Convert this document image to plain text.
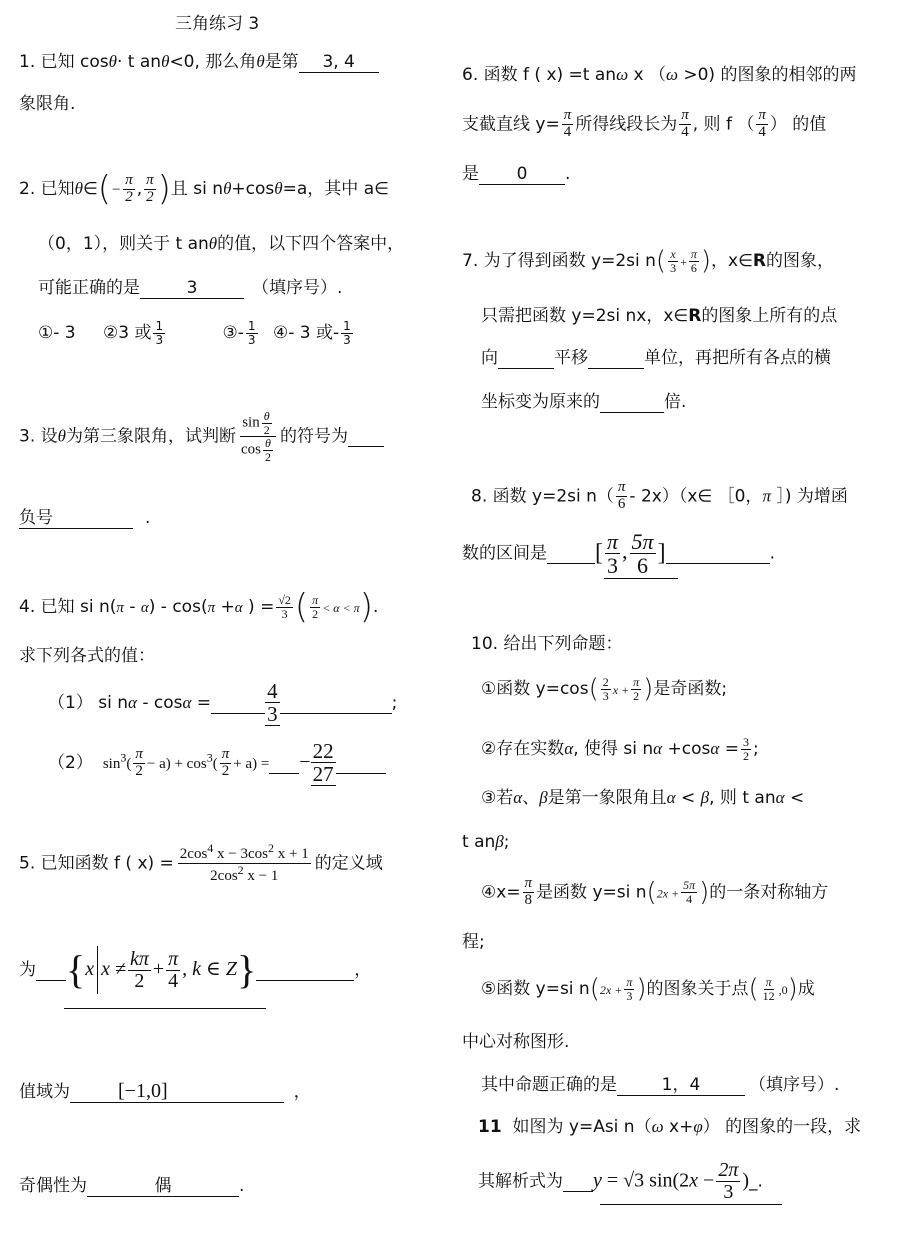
三角练习 3
1. 已知 cosθ· t anθ<0, 那么角θ是第 3, 4
象限角.
2. 已知θ∈(− $\frac{\pi}{2}$ , $\frac{\pi}{2}$ )且 si nθ+cosθ=a，其中 a∈
（0，1），则关于 t anθ的值，以下四个答案中，
可能正确的是	3	（填序号）.
①- 3 ②3 或 $\frac{1}{3}$	③- $\frac{1}{3}$ ④- 3 或- $\frac{1}{3}$
3. 设θ为第三象限角，试判断 $\frac{\sin \frac{\theta}{2}}{\cos \frac{\theta}{2}}$ 的符号为
负号	.
4. 已知 si n(π - α) - cos(π +α ) = $\frac{√2}{3}$ ( $\frac{\pi}{2} < \alpha < \pi$).
求下列各式的值：
（1） si nα - cosα =	$\frac{4}{3}$	;
（2） $\sin^3( \frac{\pi}{2} - a) + \cos^3( \frac{\pi}{2} + a)$ = − $\frac{22}{27}$

5. 已知函数 f ( $x) = \frac{2\cos^4 x - 3\cos^2 x + 1}{2\cos^2 x - 1}$ 的定义域
为 {x $x \ne \frac{k\pi}{2} + \frac{\pi}{4}$ , k ∈ Z}	，
值域为 [−1,0]	，
奇偶性为	偶	.
6. 函数 f ( x) =t anω x （ω >0) 的图象的相邻的两
支截直线 $y= \frac{\pi}{4}$ 所得线段长为 $\frac{\pi}{4}$ , 则 f （ $\frac{\pi}{4}$ ） 的值
是 0 .
7. 为了得到函数 y=2si $n( \frac{x}{3} + \frac{\pi}{6}$ )，x∈R的图象，
只需把函数 y=2si nx，x∈R的图象上所有的点
向	平移	单位，再把所有各点的横
坐标变为原来的	倍.
8. 函数 y=2si $n( \frac{\pi}{6}$ - 2x）（x∈ ［0，π ］) 为增函
数的区间是 [ $\frac{\pi}{3}$ , $\frac{5\pi}{6}$ ]	.
10. 给出下列命题：
①函数 $y=\cos( \frac{2}{3}$ $x + \frac{\pi}{2}$ )是奇函数;
②存在实数α, 使得 si $n\alpha +\cos\alpha = \frac{3}{2}$ ;
③若α、β是第一象限角且α < β, 则 t anα <
t anβ;
④x= $\frac{\pi}{8}$ 是函数 y=si $n(2x + \frac{5\pi}{4}$ )的一条对称轴方
程;
⑤函数 y=si $n(2x + \frac{\pi}{3}$ )的图象关于点( $\frac{\pi}{12} ,0$)成
中心对称图形.
其中命题正确的是	1，4	（填序号）.
11 如图为 y=Asi n（ω x+φ） 的图象的一段，求
其解析式为 y = √3 $\sin(2x - \frac{2\pi}{3}$ )_.
